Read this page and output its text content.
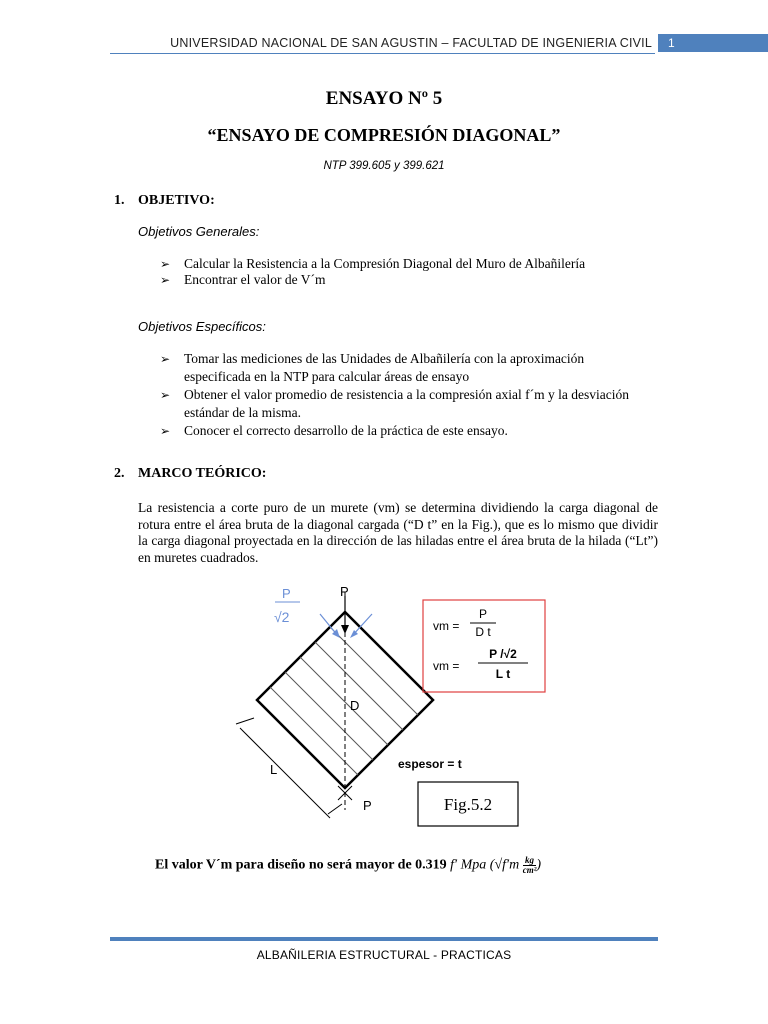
UNIVERSIDAD NACIONAL DE SAN AGUSTIN – FACULTAD DE INGENIERIA CIVIL	1
ENSAYO Nº 5
“ENSAYO DE COMPRESIÓN DIAGONAL”
NTP 399.605 y 399.621
1. OBJETIVO:
Objetivos Generales:
➢ Calcular la Resistencia a la Compresión Diagonal del Muro de Albañilería
➢ Encontrar el valor de V´m
Objetivos Específicos:
➢ Tomar las mediciones de las Unidades de Albañilería con la aproximación especificada en la NTP para calcular áreas de ensayo
➢ Obtener el valor promedio de resistencia a la compresión axial f´m y la desviación estándar de la misma.
➢ Conocer el correcto desarrollo de la práctica de este ensayo.
2. MARCO TEÓRICO:
La resistencia a corte puro de un murete (vm) se determina dividiendo la carga diagonal de rotura entre el área bruta de la diagonal cargada (“D t” en la Fig.), que es lo mismo que dividir la carga diagonal proyectada en la dirección de las hiladas entre el área bruta de la hilada (“Lt”) en muretes cuadrados.
P
P
√2
D
L
P
espesor = t
vm =
P
D t
vm =
P /√2
L t
Fig.5.2
El valor V´m para diseño no será mayor de 0.319 f′ Mpa ($√f'm \frac{kg}{\text{cm²}}$ )
ALBAÑILERIA ESTRUCTURAL - PRACTICAS
